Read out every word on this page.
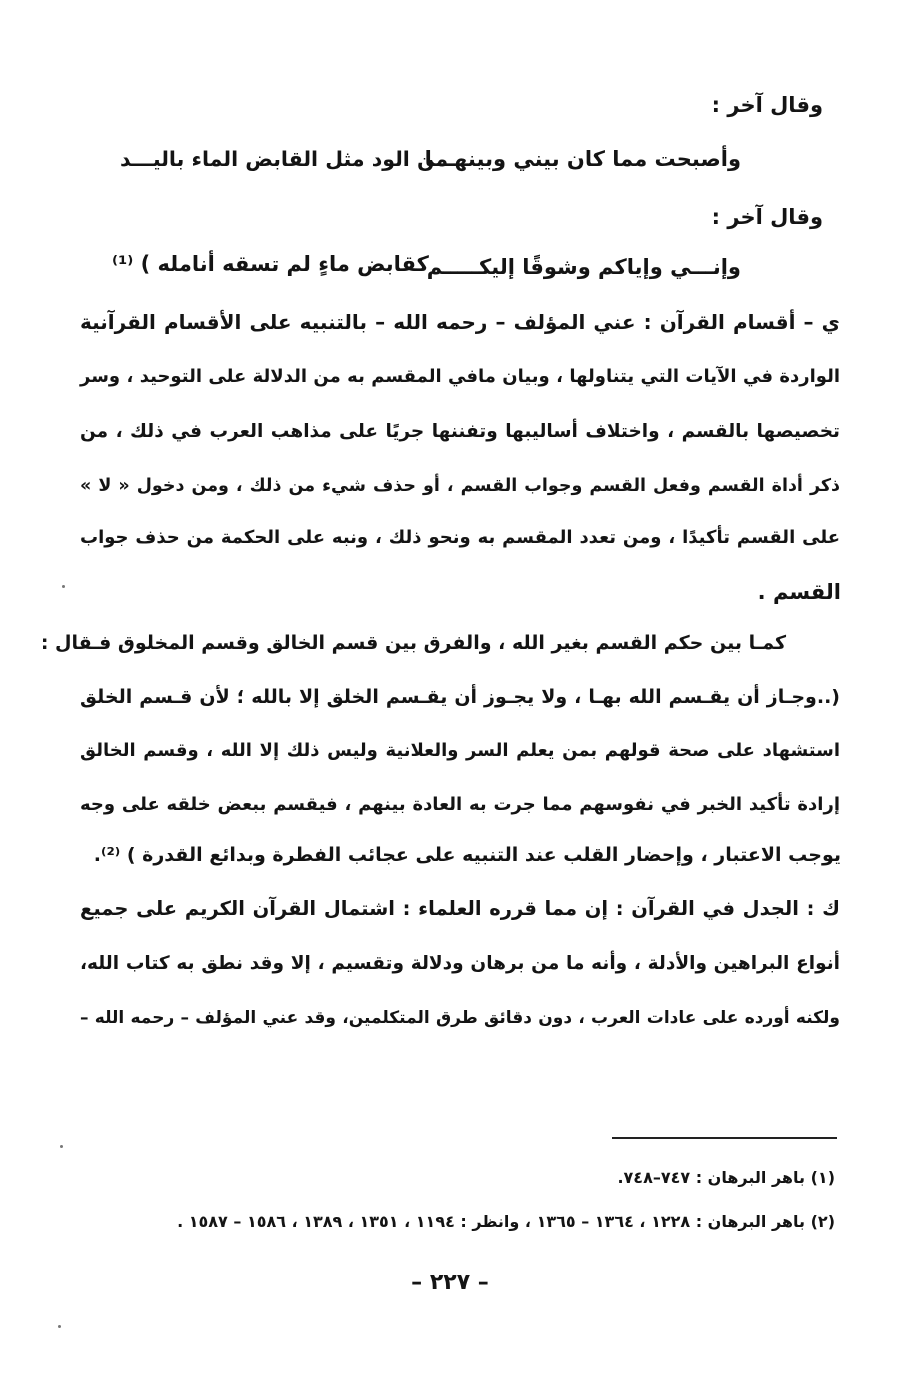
وقال آخر :
وأصبحت مما كان بيني وبينهـــا
من الود مثل القابض الماء باليـــد
وقال آخر :
وإنـــي وإياكم وشوقًا إليكـــــم
كقابض ماءٍ لم تسقه أنامله ) ⁽¹⁾
ي – أقسام القرآن : عني المؤلف – رحمه الله – بالتنبيه على الأقسام القرآنية
الواردة في الآيات التي يتناولها ، وبيان مافي المقسم به من الدلالة على التوحيد ، وسر
تخصيصها بالقسم ، واختلاف أساليبها وتفننها جريًا على مذاهب العرب في ذلك ، من
ذكر أداة القسم وفعل القسم وجواب القسم ، أو حذف شيء من ذلك ، ومن دخول « لا »
على القسم تأكيدًا ، ومن تعدد المقسم به ونحو ذلك ، ونبه على الحكمة من حذف جواب
القسم .
كمـا بين حكم القسم بغير الله ، والفرق بين قسم الخالق وقسم المخلوق فـقال :
(..وجـاز أن يقـسم الله بهـا ، ولا يجـوز أن يقـسم الخلق إلا بالله ؛ لأن قـسم الخلق
استشهاد على صحة قولهم بمن يعلم السر والعلانية وليس ذلك إلا الله ، وقسم الخالق
إرادة تأكيد الخبر في نفوسهم مما جرت به العادة بينهم ، فيقسم ببعض خلقه على وجه
يوجب الاعتبار ، وإحضار القلب عند التنبيه على عجائب الفطرة وبدائع القدرة ) ⁽²⁾.
ك : الجدل في القرآن : إن مما قرره العلماء : اشتمال القرآن الكريم على جميع
أنواع البراهين والأدلة ، وأنه ما من برهان ودلالة وتقسيم ، إلا وقد نطق به كتاب الله،
ولكنه أورده على عادات العرب ، دون دقائق طرق المتكلمين، وقد عني المؤلف – رحمه الله –
(١) باهر البرهان : ٧٤٧–٧٤٨.
(٢) باهر البرهان : ١٢٢٨ ، ١٣٦٤ – ١٣٦٥ ، وانظر : ١١٩٤ ، ١٣٥١ ، ١٣٨٩ ، ١٥٨٦ – ١٥٨٧ .
– ٢٢٧ –
